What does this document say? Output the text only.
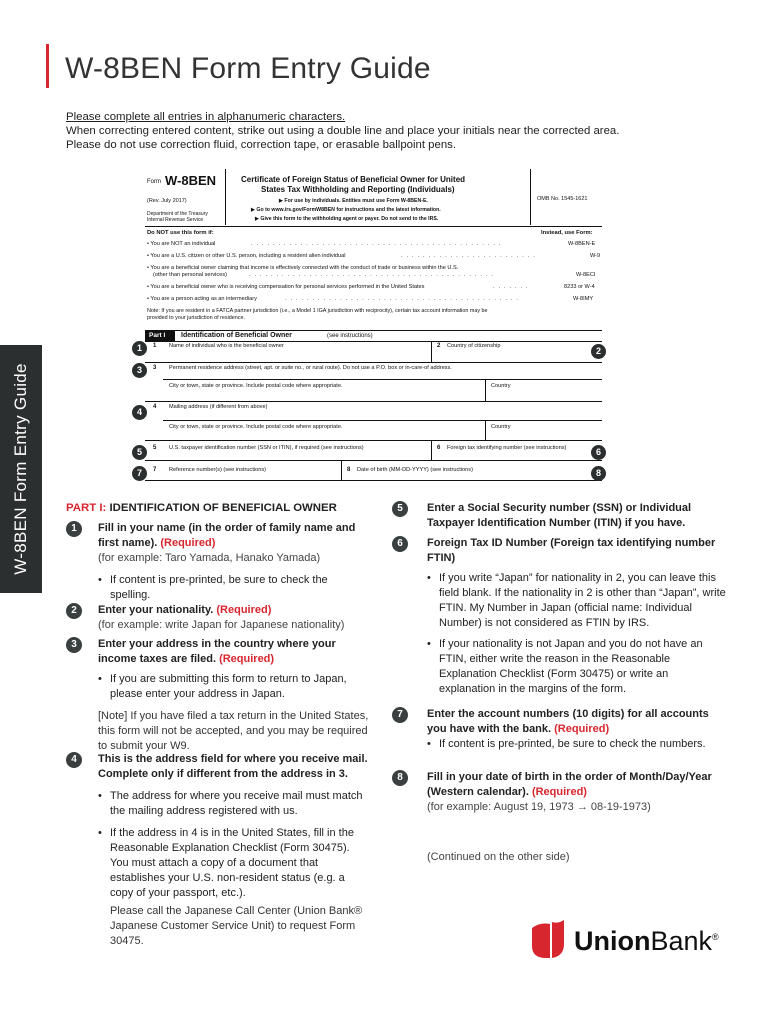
W-8BEN Form Entry Guide
Please complete all entries in alphanumeric characters.
When correcting entered content, strike out using a double line and place your initials near the corrected area.
Please do not use correction fluid, correction tape, or erasable ballpoint pens.
W-8BEN Form Entry Guide
Form W-8BEN
(Rev. July 2017)
Department of the Treasury
Internal Revenue Service
Certificate of Foreign Status of Beneficial Owner for United
States Tax Withholding and Reporting (Individuals)
▶ For use by individuals. Entities must use Form W-8BEN-E.
▶ Go to www.irs.gov/FormW8BEN for instructions and the latest information.
▶ Give this form to the withholding agent or payer. Do not send to the IRS.
OMB No. 1545-1621
Do NOT use this form if:	Instead, use Form:
• You are NOT an individual	. . . . . . . . . . . . . . . . . . . . . . . . . . . . . . . . . . . . . . . . . . . . . .	W-8BEN-E
• You are a U.S. citizen or other U.S. person, including a resident alien individual	. . . . . . . . . . . . . . . . . . . . . . . . .	W-9
• You are a beneficial owner claiming that income is effectively connected with the conduct of trade or business within the U.S.
(other than personal services)	. . . . . . . . . . . . . . . . . . . . . . . . . . . . . . . . . . . . . . . . . . . . .	W-8ECI
• You are a beneficial owner who is receiving compensation for personal services performed in the United States	. . . . . . .	8233 or W-4
• You are a person acting as an intermediary	. . . . . . . . . . . . . . . . . . . . . . . . . . . . . . . . . . . . . . . . . . .	W-8IMY
Note: If you are resident in a FATCA partner jurisdiction (i.e., a Model 1 IGA jurisdiction with reciprocity), certain tax account information may be
provided to your jurisdiction of residence.
Part I	Identification of Beneficial Owner	(see instructions)
1 Name of individual who is the beneficial owner	2 Country of citizenship
3 Permanent residence address (street, apt. or suite no., or rural route). Do not use a P.O. box or in-care-of address.
City or town, state or province. Include postal code where appropriate.	Country
4 Mailing address (if different from above)
City or town, state or province. Include postal code where appropriate.	Country
5 U.S. taxpayer identification number (SSN or ITIN), if required (see instructions)	6 Foreign tax identifying number (see instructions)
7 Reference number(s) (see instructions)	8 Date of birth (MM-DD-YYYY) (see instructions)
1	2
3
4
5	6
7	8
PART I: IDENTIFICATION OF BENEFICIAL OWNER
1	Fill in your name (in the order of family name and first name). (Required)
(for example: Taro Yamada, Hanako Yamada)
• If content is pre-printed, be sure to check the spelling.
2	Enter your nationality. (Required)
(for example: write Japan for Japanese nationality)
3	Enter your address in the country where your income taxes are filed. (Required)
• If you are submitting this form to return to Japan, please enter your address in Japan.
[Note] If you have filed a tax return in the United States, this form will not be accepted, and you may be required to submit your W9.
4	This is the address field for where you receive mail. Complete only if different from the address in 3.
• The address for where you receive mail must match the mailing address registered with us.
• If the address in 4 is in the United States, fill in the Reasonable Explanation Checklist (Form 30475). You must attach a copy of a document that establishes your U.S. non-resident status (e.g. a copy of your passport, etc.).
Please call the Japanese Call Center (Union Bank® Japanese Customer Service Unit) to request Form 30475.
5	Enter a Social Security number (SSN) or Individual Taxpayer Identification Number (ITIN) if you have.
6	Foreign Tax ID Number (Foreign tax identifying number FTIN)
• If you write “Japan” for nationality in 2, you can leave this field blank. If the nationality in 2 is other than “Japan”, write FTIN. My Number in Japan (official name: Individual Number) is not considered as FTIN by IRS.
• If your nationality is not Japan and you do not have an FTIN, either write the reason in the Reasonable Explanation Checklist (Form 30475) or write an explanation in the margins of the form.
7	Enter the account numbers (10 digits) for all accounts you have with the bank. (Required)
• If content is pre-printed, be sure to check the numbers.
8	Fill in your date of birth in the order of Month/Day/Year (Western calendar). (Required)
(for example: August 19, 1973 → 08-19-1973)
(Continued on the other side)
UnionBank®
